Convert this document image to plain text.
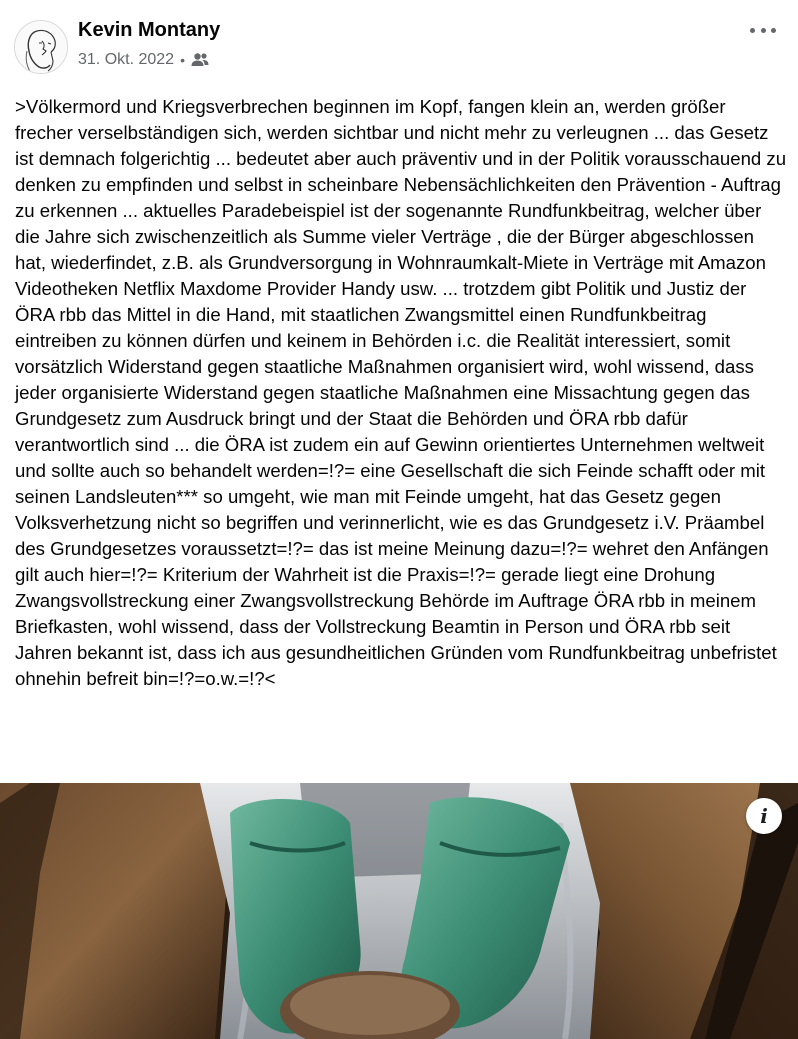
Kevin Montany
31. Okt. 2022 •
>Völkermord und Kriegsverbrechen beginnen im Kopf, fangen klein an, werden größer frecher verselbständigen sich, werden sichtbar und nicht mehr zu verleugnen ... das Gesetz ist demnach folgerichtig ... bedeutet aber auch präventiv und in der Politik vorausschauend zu denken zu empfinden und selbst in scheinbare Nebensächlichkeiten den Prävention - Auftrag zu erkennen ... aktuelles Paradebeispiel ist der sogenannte Rundfunkbeitrag, welcher über die Jahre sich zwischenzeitlich als Summe vieler Verträge , die der Bürger abgeschlossen hat, wiederfindet, z.B. als Grundversorgung in Wohnraumkalt-Miete in Verträge mit Amazon Videotheken Netflix Maxdome Provider Handy usw. ... trotzdem gibt Politik und Justiz der ÖRA rbb das Mittel in die Hand, mit staatlichen Zwangsmittel einen Rundfunkbeitrag eintreiben zu können dürfen und keinem in Behörden i.c. die Realität interessiert, somit vorsätzlich Widerstand gegen staatliche Maßnahmen organisiert wird, wohl wissend, dass jeder organisierte Widerstand gegen staatliche Maßnahmen eine Missachtung gegen das Grundgesetz zum Ausdruck bringt und der Staat die Behörden und ÖRA rbb dafür verantwortlich sind ... die ÖRA ist zudem ein auf Gewinn orientiertes Unternehmen weltweit und sollte auch so behandelt werden=!?= eine Gesellschaft die sich Feinde schafft oder mit seinen Landsleuten*** so umgeht, wie man mit Feinde umgeht, hat das Gesetz gegen Volksverhetzung nicht so begriffen und verinnerlicht, wie es das Grundgesetz i.V. Präambel des Grundgesetzes voraussetzt=!?= das ist meine Meinung dazu=!?= wehret den Anfängen gilt auch hier=!?= Kriterium der Wahrheit ist die Praxis=!?= gerade liegt eine Drohung Zwangsvollstreckung einer Zwangsvollstreckung Behörde im Auftrage ÖRA rbb in meinem Briefkasten, wohl wissend, dass der Vollstreckung Beamtin in Person und ÖRA rbb seit Jahren bekannt ist, dass ich aus gesundheitlichen Gründen vom Rundfunkbeitrag unbefristet ohnehin befreit bin=!?=o.w.=!?<
i
